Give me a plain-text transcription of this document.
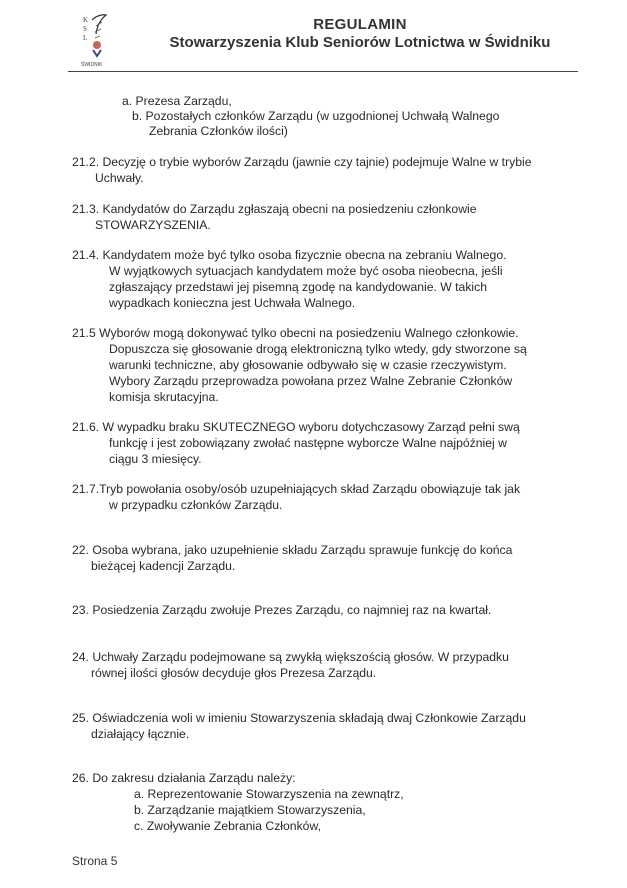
K
S
L
ŚWIDNIK
REGULAMIN
Stowarzyszenia Klub Seniorów Lotnictwa w Świdniku
a. Prezesa Zarządu,
b. Pozostałych członków Zarządu (w uzgodnionej Uchwałą Walnego
Zebrania Członków ilości)
21.2. Decyzję o trybie wyborów Zarządu (jawnie czy tajnie) podejmuje Walne w trybie
Uchwały.
21.3. Kandydatów do Zarządu zgłaszają obecni na posiedzeniu członkowie
STOWARZYSZENIA.
21.4. Kandydatem może być tylko osoba fizycznie obecna na zebraniu Walnego.
W wyjątkowych sytuacjach kandydatem może być osoba nieobecna, jeśli
zgłaszający przedstawi jej pisemną zgodę na kandydowanie. W takich
wypadkach konieczna jest Uchwała Walnego.
21.5 Wyborów mogą dokonywać tylko obecni na posiedzeniu Walnego członkowie.
Dopuszcza się głosowanie drogą elektroniczną tylko wtedy, gdy stworzone są
warunki techniczne, aby głosowanie odbywało się w czasie rzeczywistym.
Wybory Zarządu przeprowadza powołana przez Walne Zebranie Członków
komisja skrutacyjna.
21.6. W wypadku braku SKUTECZNEGO wyboru dotychczasowy Zarząd pełni swą
funkcję i jest zobowiązany zwołać następne wyborcze Walne najpóźniej w
ciągu 3 miesięcy.
21.7.Tryb powołania osoby/osób uzupełniających skład Zarządu obowiązuje tak jak
w przypadku członków Zarządu.
22. Osoba wybrana, jako uzupełnienie składu Zarządu sprawuje funkcję do końca
bieżącej kadencji Zarządu.
23. Posiedzenia Zarządu zwołuje Prezes Zarządu, co najmniej raz na kwartał.
24. Uchwały Zarządu podejmowane są zwykłą większością głosów. W przypadku
równej ilości głosów decyduje głos Prezesa Zarządu.
25. Oświadczenia woli w imieniu Stowarzyszenia składają dwaj Członkowie Zarządu
działający łącznie.
26. Do zakresu działania Zarządu należy:
a. Reprezentowanie Stowarzyszenia na zewnątrz,
b. Zarządzanie majątkiem Stowarzyszenia,
c. Zwoływanie Zebrania Członków,
Strona 5
